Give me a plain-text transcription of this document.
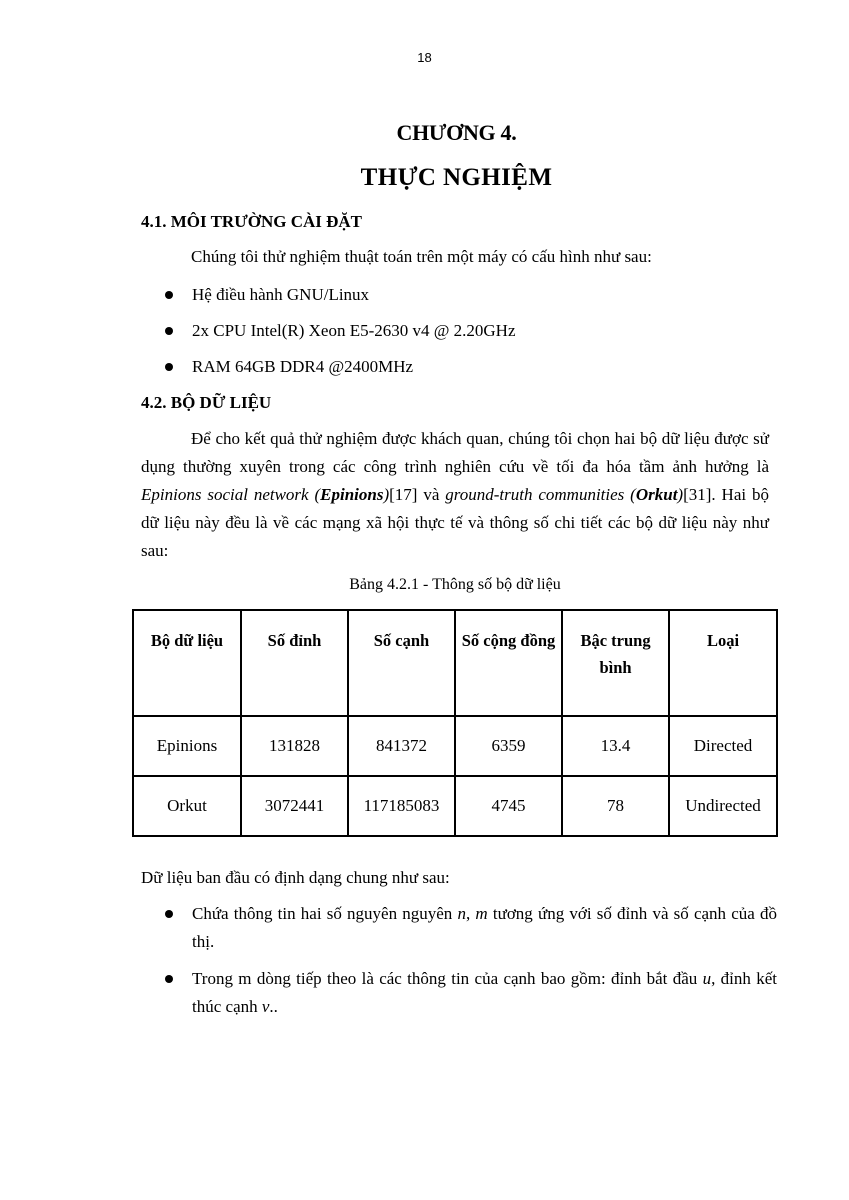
18
CHƯƠNG 4.
THỰC NGHIỆM
4.1. MÔI TRƯỜNG CÀI ĐẶT
Chúng tôi thử nghiệm thuật toán trên một máy có cấu hình như sau:
Hệ điều hành GNU/Linux
2x CPU Intel(R) Xeon E5-2630 v4 @ 2.20GHz
RAM 64GB DDR4 @2400MHz
4.2. BỘ DỮ LIỆU
Để cho kết quả thử nghiệm được khách quan, chúng tôi chọn hai bộ dữ liệu được sử dụng thường xuyên trong các công trình nghiên cứu về tối đa hóa tầm ảnh hưởng là Epinions social network (Epinions)[17] và ground-truth communities (Orkut)[31]. Hai bộ dữ liệu này đều là về các mạng xã hội thực tế và thông số chi tiết các bộ dữ liệu này như sau:
Bảng 4.2.1 - Thông số bộ dữ liệu
Bộ dữ liệu	Số đỉnh	Số cạnh	Số cộng đồng	Bậc trung bình	Loại
Epinions	131828	841372	6359	13.4	Directed
Orkut	3072441	117185083	4745	78	Undirected
Dữ liệu ban đầu có định dạng chung như sau:
Chứa thông tin hai số nguyên nguyên n, m tương ứng với số đỉnh và số cạnh của đồ thị.
Trong m dòng tiếp theo là các thông tin của cạnh bao gồm: đỉnh bắt đầu u, đỉnh kết thúc cạnh v..
